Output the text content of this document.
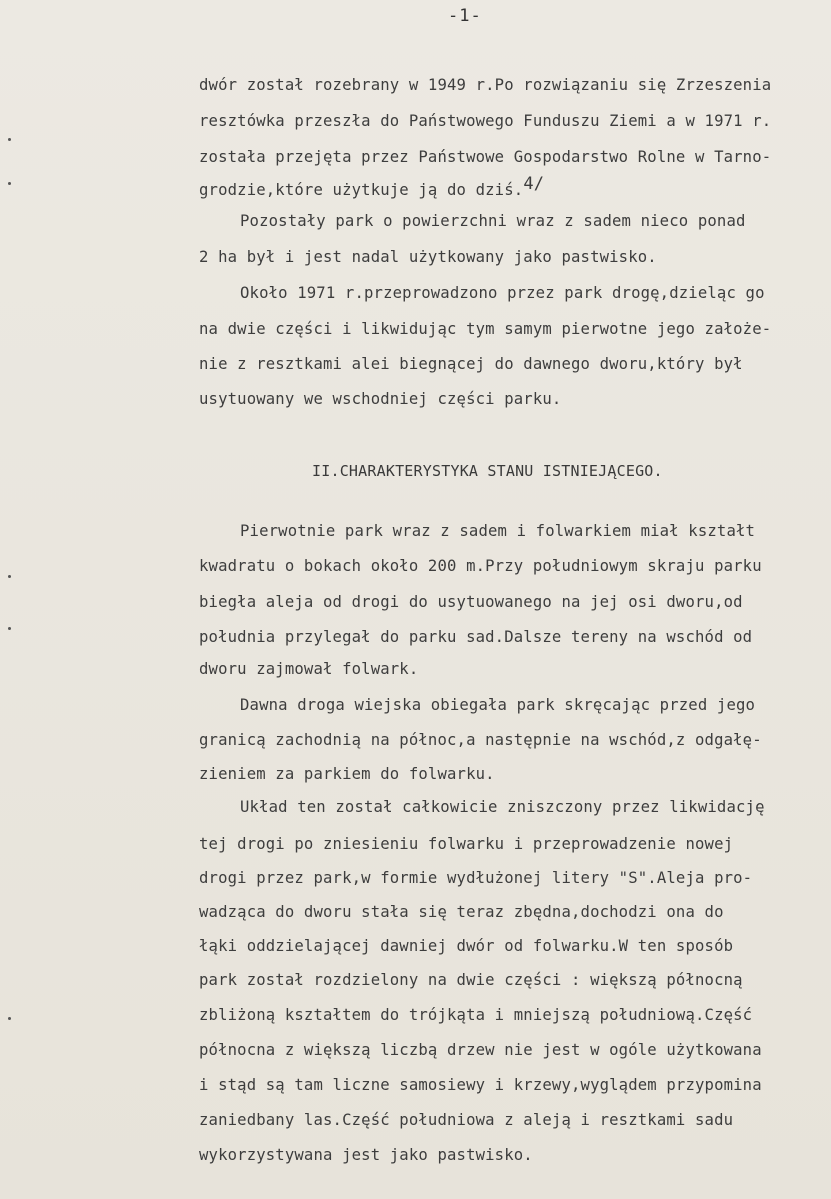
-1-
dwór został rozebrany w 1949 r.Po rozwiązaniu się Zrzeszenia
resztówka przeszła do Państwowego Funduszu Ziemi a w 1971 r.
została przejęta przez Państwowe Gospodarstwo Rolne w Tarno-
grodzie,które użytkuje ją do dziś.4/
Pozostały park o powierzchni wraz z sadem nieco ponad
2 ha był i jest nadal użytkowany jako pastwisko.
Około 1971 r.przeprowadzono przez park drogę,dzieląc go
na dwie części i likwidując tym samym pierwotne jego założe-
nie z resztkami alei biegnącej do dawnego dworu,który był
usytuowany we wschodniej części parku.
II.CHARAKTERYSTYKA STANU ISTNIEJĄCEGO.
Pierwotnie park wraz z sadem i folwarkiem miał kształt
kwadratu o bokach około 200 m.Przy południowym skraju parku
biegła aleja od drogi do usytuowanego na jej osi dworu,od
południa przylegał do parku sad.Dalsze tereny na wschód od
dworu zajmował folwark.
Dawna droga wiejska obiegała park skręcając przed jego
granicą zachodnią na północ,a następnie na wschód,z odgałę-
zieniem za parkiem do folwarku.
Układ ten został całkowicie zniszczony przez likwidację
tej drogi po zniesieniu folwarku i przeprowadzenie nowej
drogi przez park,w formie wydłużonej litery "S".Aleja pro-
wadząca do dworu stała się teraz zbędna,dochodzi ona do
łąki oddzielającej dawniej dwór od folwarku.W ten sposób
park został rozdzielony na dwie części : większą północną
zbliżoną kształtem do trójkąta i mniejszą południową.Część
północna z większą liczbą drzew nie jest w ogóle użytkowana
i stąd są tam liczne samosiewy i krzewy,wyglądem przypomina
zaniedbany las.Część południowa z aleją i resztkami sadu
wykorzystywana jest jako pastwisko.
